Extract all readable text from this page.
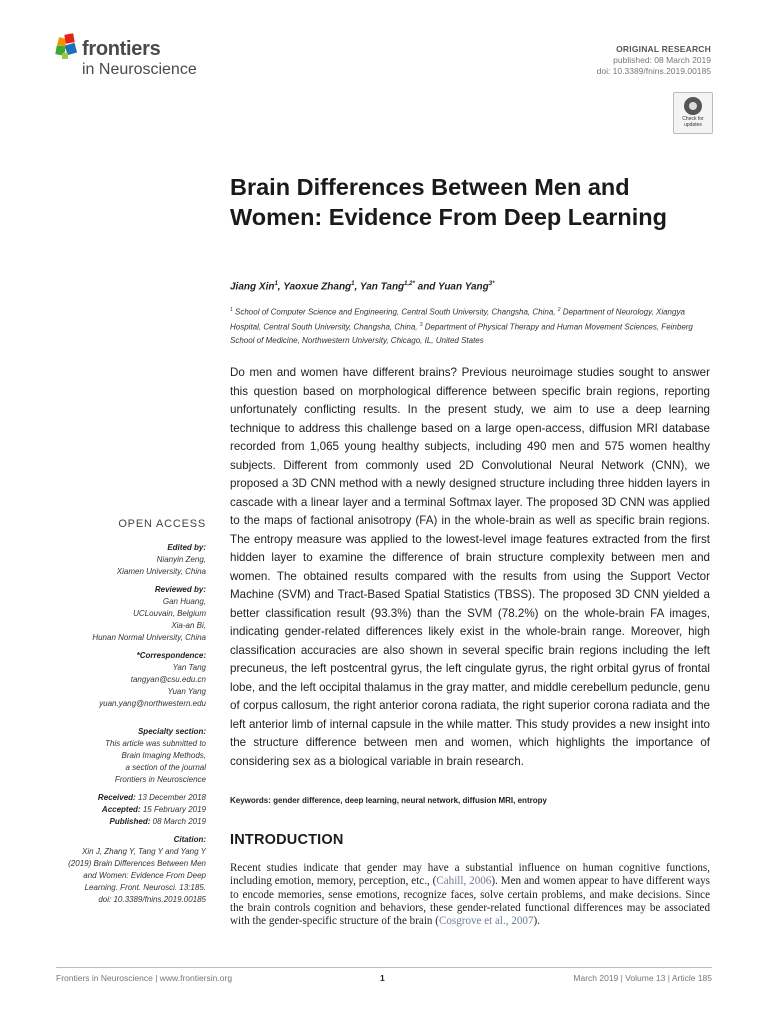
frontiers
in Neuroscience
ORIGINAL RESEARCH
published: 08 March 2019
doi: 10.3389/fnins.2019.00185
Check for updates
Brain Differences Between Men and Women: Evidence From Deep Learning
Jiang Xin$^1$, Yaoxue Zhang$^1$, Yan Tang$^{1,2*}$ and Yuan Yang$^{3*}$
$^1$ School of Computer Science and Engineering, Central South University, Changsha, China, $^2$ Department of Neurology, Xiangya Hospital, Central South University, Changsha, China, $^3$ Department of Physical Therapy and Human Movement Sciences, Feinberg School of Medicine, Northwestern University, Chicago, IL, United States
Do men and women have different brains? Previous neuroimage studies sought to answer this question based on morphological difference between specific brain regions, reporting unfortunately conflicting results. In the present study, we aim to use a deep learning technique to address this challenge based on a large open-access, diffusion MRI database recorded from 1,065 young healthy subjects, including 490 men and 575 women healthy subjects. Different from commonly used 2D Convolutional Neural Network (CNN), we proposed a 3D CNN method with a newly designed structure including three hidden layers in cascade with a linear layer and a terminal Softmax layer. The proposed 3D CNN was applied to the maps of factional anisotropy (FA) in the whole-brain as well as specific brain regions. The entropy measure was applied to the lowest-level image features extracted from the first hidden layer to examine the difference of brain structure complexity between men and women. The obtained results compared with the results from using the Support Vector Machine (SVM) and Tract-Based Spatial Statistics (TBSS). The proposed 3D CNN yielded a better classification result (93.3%) than the SVM (78.2%) on the whole-brain FA images, indicating gender-related differences likely exist in the whole-brain range. Moreover, high classification accuracies are also shown in several specific brain regions including the left precuneus, the left postcentral gyrus, the left cingulate gyrus, the right orbital gyrus of frontal lobe, and the left occipital thalamus in the gray matter, and middle cerebellum peduncle, genu of corpus callosum, the right anterior corona radiata, the right superior corona radiata and the left anterior limb of internal capsule in the while matter. This study provides a new insight into the structure difference between men and women, which highlights the importance of considering sex as a biological variable in brain research.
OPEN ACCESS
Edited by:
Nianyin Zeng,
Xiamen University, China
Reviewed by:
Gan Huang,
UCLouvain, Belgium
Xia-an Bi,
Hunan Normal University, China
*Correspondence:
Yan Tang
tangyan@csu.edu.cn
Yuan Yang
yuan.yang@northwestern.edu
Specialty section:
This article was submitted to
Brain Imaging Methods,
a section of the journal
Frontiers in Neuroscience
Received: 13 December 2018
Accepted: 15 February 2019
Published: 08 March 2019
Citation:
Xin J, Zhang Y, Tang Y and Yang Y
(2019) Brain Differences Between Men
and Women: Evidence From Deep
Learning. Front. Neurosci. 13:185.
doi: 10.3389/fnins.2019.00185
Keywords: gender difference, deep learning, neural network, diffusion MRI, entropy
INTRODUCTION
Recent studies indicate that gender may have a substantial influence on human cognitive functions, including emotion, memory, perception, etc., (Cahill, 2006). Men and women appear to have different ways to encode memories, sense emotions, recognize faces, solve certain problems, and make decisions. Since the brain controls cognition and behaviors, these gender-related functional differences may be associated with the gender-specific structure of the brain (Cosgrove et al., 2007).
Frontiers in Neuroscience | www.frontiersin.org	1	March 2019 | Volume 13 | Article 185
